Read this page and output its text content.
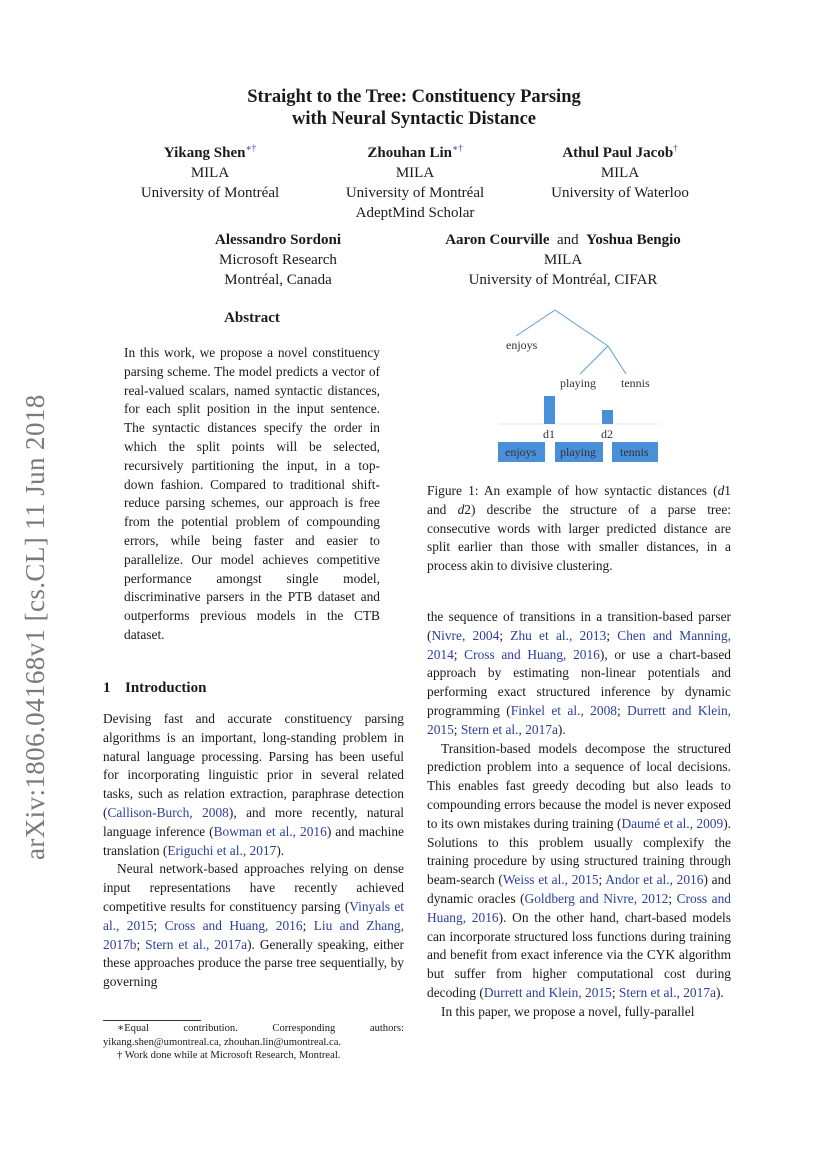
arXiv:1806.04168v1 [cs.CL] 11 Jun 2018
Straight to the Tree: Constituency Parsing
with Neural Syntactic Distance
Yikang Shen∗†
MILA
University of Montréal
Zhouhan Lin∗†
MILA
University of Montréal
AdeptMind Scholar
Athul Paul Jacob†
MILA
University of Waterloo
Alessandro Sordoni
Microsoft Research
Montréal, Canada
Aaron Courville and Yoshua Bengio
MILA
University of Montréal, CIFAR
Abstract

In this work, we propose a novel constituency parsing scheme. The model predicts a vector of real-valued scalars, named syntactic distances, for each split position in the input sentence. The syntactic distances specify the order in which the split points will be selected, recursively partitioning the input, in a top-down fashion. Compared to traditional shift-reduce parsing schemes, our approach is free from the potential problem of compounding errors, while being faster and easier to parallelize. Our model achieves competitive performance amongst single model, discriminative parsers in the PTB dataset and outperforms previous models in the CTB dataset.

1 Introduction

Devising fast and accurate constituency parsing algorithms is an important, long-standing problem in natural language processing. Parsing has been useful for incorporating linguistic prior in several related tasks, such as relation extraction, paraphrase detection (Callison-Burch, 2008), and more recently, natural language inference (Bowman et al., 2016) and machine translation (Eriguchi et al., 2017).

Neural network-based approaches relying on dense input representations have recently achieved competitive results for constituency parsing (Vinyals et al., 2015; Cross and Huang, 2016; Liu and Zhang, 2017b; Stern et al., 2017a). Generally speaking, either these approaches produce the parse tree sequentially, by governing

∗Equal contribution. Corresponding authors: yikang.shen@umontreal.ca, zhouhan.lin@umontreal.ca.

† Work done while at Microsoft Research, Montreal.

enjoys
playing tennis
d1	d2
enjoys playing tennis

Figure 1: An example of how syntactic distances (d1 and d2) describe the structure of a parse tree: consecutive words with larger predicted distance are split earlier than those with smaller distances, in a process akin to divisive clustering.

the sequence of transitions in a transition-based parser (Nivre, 2004; Zhu et al., 2013; Chen and Manning, 2014; Cross and Huang, 2016), or use a chart-based approach by estimating non-linear potentials and performing exact structured inference by dynamic programming (Finkel et al., 2008; Durrett and Klein, 2015; Stern et al., 2017a).

Transition-based models decompose the structured prediction problem into a sequence of local decisions. This enables fast greedy decoding but also leads to compounding errors because the model is never exposed to its own mistakes during training (Daumé et al., 2009). Solutions to this problem usually complexify the training procedure by using structured training through beam-search (Weiss et al., 2015; Andor et al., 2016) and dynamic oracles (Goldberg and Nivre, 2012; Cross and Huang, 2016). On the other hand, chart-based models can incorporate structured loss functions during training and benefit from exact inference via the CYK algorithm but suffer from higher computational cost during decoding (Durrett and Klein, 2015; Stern et al., 2017a).

In this paper, we propose a novel, fully-parallel
